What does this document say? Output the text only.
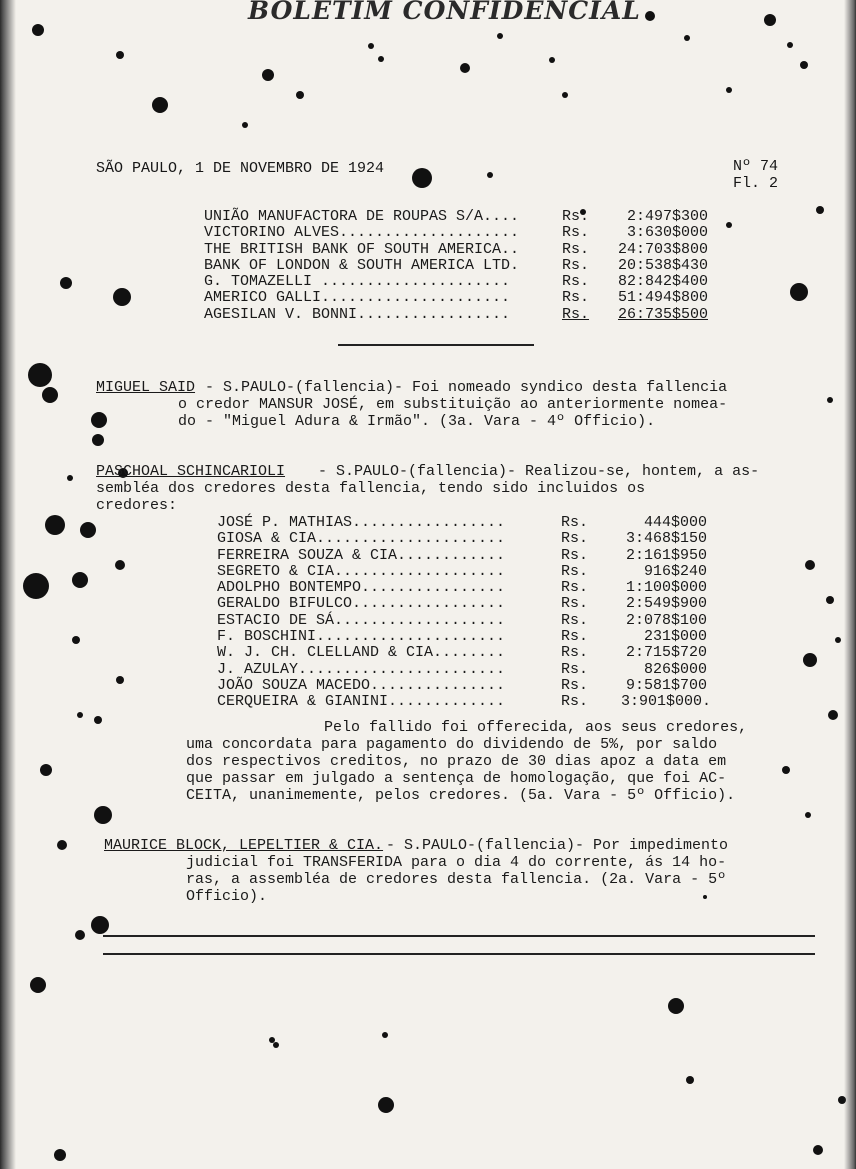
BOLETIM CONFIDENCIAL
SÃO PAULO, 1 DE NOVEMBRO DE 1924	Nº 74
Fl. 2
UNIÃO MANUFACTORA DE ROUPAS S/A....	Rs.	2:497$300
VICTORINO ALVES....................	Rs.	3:630$000
THE BRITISH BANK OF SOUTH AMERICA..	Rs.	24:703$800
BANK OF LONDON & SOUTH AMERICA LTD.	Rs.	20:538$430
G. TOMAZELLI .....................	Rs.	82:842$400
AMERICO GALLI.....................	Rs.	51:494$800
AGESILAN V. BONNI.................	Rs.	26:735$500
MIGUEL SAID - S.PAULO-(fallencia)- Foi nomeado syndico desta fallencia
o credor MANSUR JOSÉ, em substituição ao anteriormente nomea-
do - "Miguel Adura & Irmão". (3a. Vara - 4º Officio).
PASCHOAL SCHINCARIOLI - S.PAULO-(fallencia)- Realizou-se, hontem, a as-
sembléa dos credores desta fallencia, tendo sido incluidos os
credores:
JOSÉ P. MATHIAS.................	Rs.	444$000
GIOSA & CIA.....................	Rs.	3:468$150
FERREIRA SOUZA & CIA............	Rs.	2:161$950
SEGRETO & CIA...................	Rs.	916$240
ADOLPHO BONTEMPO................	Rs.	1:100$000
GERALDO BIFULCO.................	Rs.	2:549$900
ESTACIO DE SÁ...................	Rs.	2:078$100
F. BOSCHINI.....................	Rs.	231$000
W. J. CH. CLELLAND & CIA........	Rs.	2:715$720
J. AZULAY.......................	Rs.	826$000
JOÃO SOUZA MACEDO...............	Rs.	9:581$700
CERQUEIRA & GIANINI.............	Rs.	3:901$000.
Pelo fallido foi offerecida, aos seus credores,
uma concordata para pagamento do dividendo de 5%, por saldo
dos respectivos creditos, no prazo de 30 dias apoz a data em
que passar em julgado a sentença de homologação, que foi AC-
CEITA, unanimemente, pelos credores. (5a. Vara - 5º Officio).
MAURICE BLOCK, LEPELTIER & CIA. - S.PAULO-(fallencia)- Por impedimento
judicial foi TRANSFERIDA para o dia 4 do corrente, ás 14 ho-
ras, a assembléa de credores desta fallencia. (2a. Vara - 5º
Officio).
